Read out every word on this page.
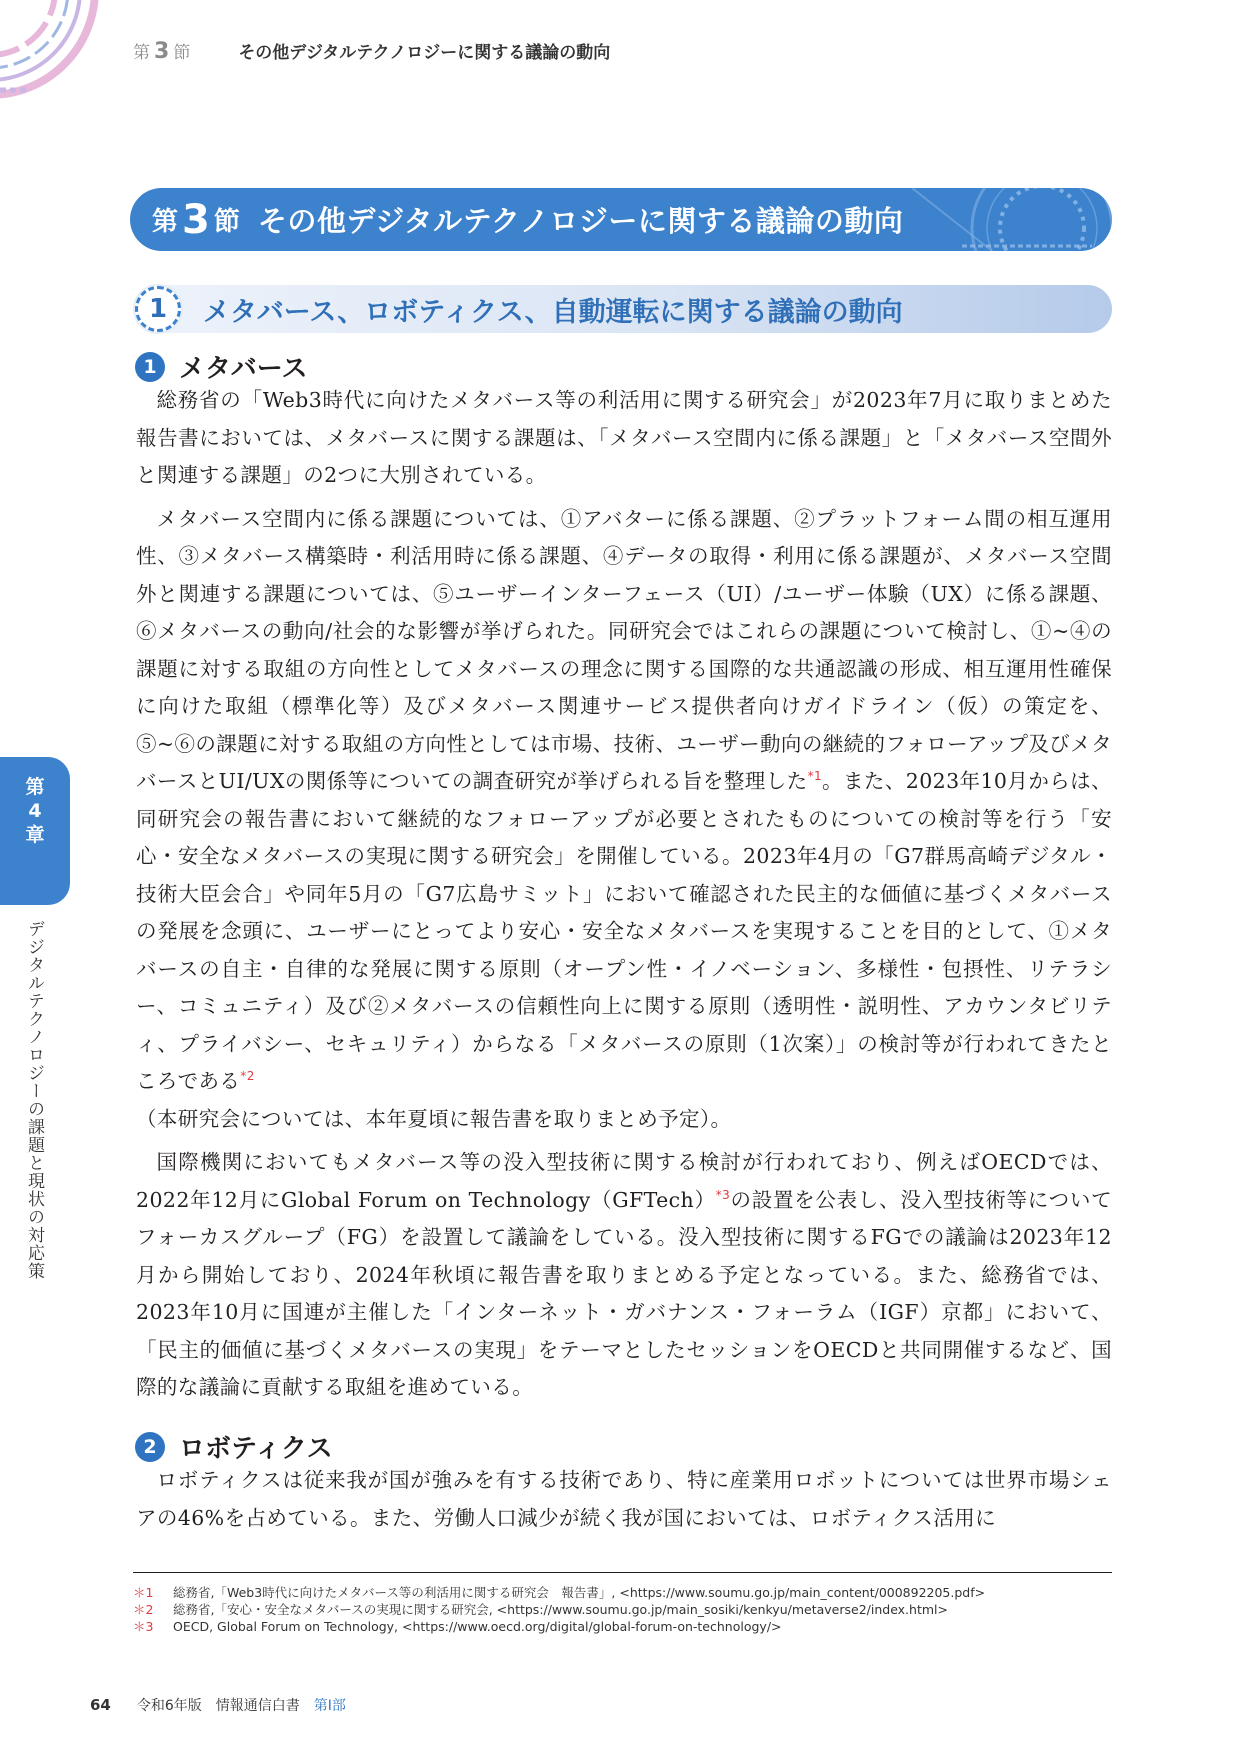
第 3 節	その他デジタルテクノロジーに関する議論の動向
第 3 節 その他デジタルテクノロジーに関する議論の動向
1	メタバース、ロボティクス、自動運転に関する議論の動向
1 メタバース

総務省の「Web3時代に向けたメタバース等の利活用に関する研究会」が2023年7月に取りまとめた報告書においては、メタバースに関する課題は、「メタバース空間内に係る課題」と「メタバース空間外と関連する課題」の2つに大別されている。

メタバース空間内に係る課題については、①アバターに係る課題、②プラットフォーム間の相互運用性、③メタバース構築時・利活用時に係る課題、④データの取得・利用に係る課題が、メタバース空間外と関連する課題については、⑤ユーザーインターフェース（UI）/ユーザー体験（UX）に係る課題、⑥メタバースの動向/社会的な影響が挙げられた。同研究会ではこれらの課題について検討し、①~④の課題に対する取組の方向性としてメタバースの理念に関する国際的な共通認識の形成、相互運用性確保に向けた取組（標準化等）及びメタバース関連サービス提供者向けガイドライン（仮）の策定を、⑤~⑥の課題に対する取組の方向性としては市場、技術、ユーザー動向の継続的フォローアップ及びメタバースとUI/UXの関係等についての調査研究が挙げられる旨を整理した$^{*1}$。また、2023年10月からは、同研究会の報告書において継続的なフォローアップが必要とされたものについての検討等を行う「安心・安全なメタバースの実現に関する研究会」を開催している。2023年4月の「G7群馬高崎デジタル・技術大臣会合」や同年5月の「G7広島サミット」において確認された民主的な価値に基づくメタバースの発展を念頭に、ユーザーにとってより安心・安全なメタバースを実現することを目的として、①メタバースの自主・自律的な発展に関する原則（オープン性・イノベーション、多様性・包摂性、リテラシー、コミュニティ）及び②メタバースの信頼性向上に関する原則（透明性・説明性、アカウンタビリティ、プライバシー、セキュリティ）からなる「メタバースの原則（1次案）」の検討等が行われてきたところである$^{*2}$
（本研究会については、本年夏頃に報告書を取りまとめ予定）。

国際機関においてもメタバース等の没入型技術に関する検討が行われており、例えばOECDでは、2022年12月にGlobal Forum on Technology（GFTech）$^{*3}$の設置を公表し、没入型技術等についてフォーカスグループ（FG）を設置して議論をしている。没入型技術に関するFGでの議論は2023年12月から開始しており、2024年秋頃に報告書を取りまとめる予定となっている。また、総務省では、2023年10月に国連が主催した「インターネット・ガバナンス・フォーラム（IGF）京都」において、「民主的価値に基づくメタバースの実現」をテーマとしたセッションをOECDと共同開催するなど、国際的な議論に貢献する取組を進めている。

2 ロボティクス

ロボティクスは従来我が国が強みを有する技術であり、特に産業用ロボットについては世界市場シェアの46%を占めている。また、労働人口減少が続く我が国においては、ロボティクス活用に

＊1	総務省,「Web3時代に向けたメタバース等の利活用に関する研究会　報告書」, <https://www.soumu.go.jp/main_content/000892205.pdf>
＊2	総務省,「安心・安全なメタバースの実現に関する研究会, <https://www.soumu.go.jp/main_sosiki/kenkyu/metaverse2/index.html>
＊3	OECD, Global Forum on Technology, <https://www.oecd.org/digital/global-forum-on-technology/>
第
4
章
デジタルテクノロジーの課題と現状の対応策
64 令和6年版　情報通信白書 第Ⅰ部
